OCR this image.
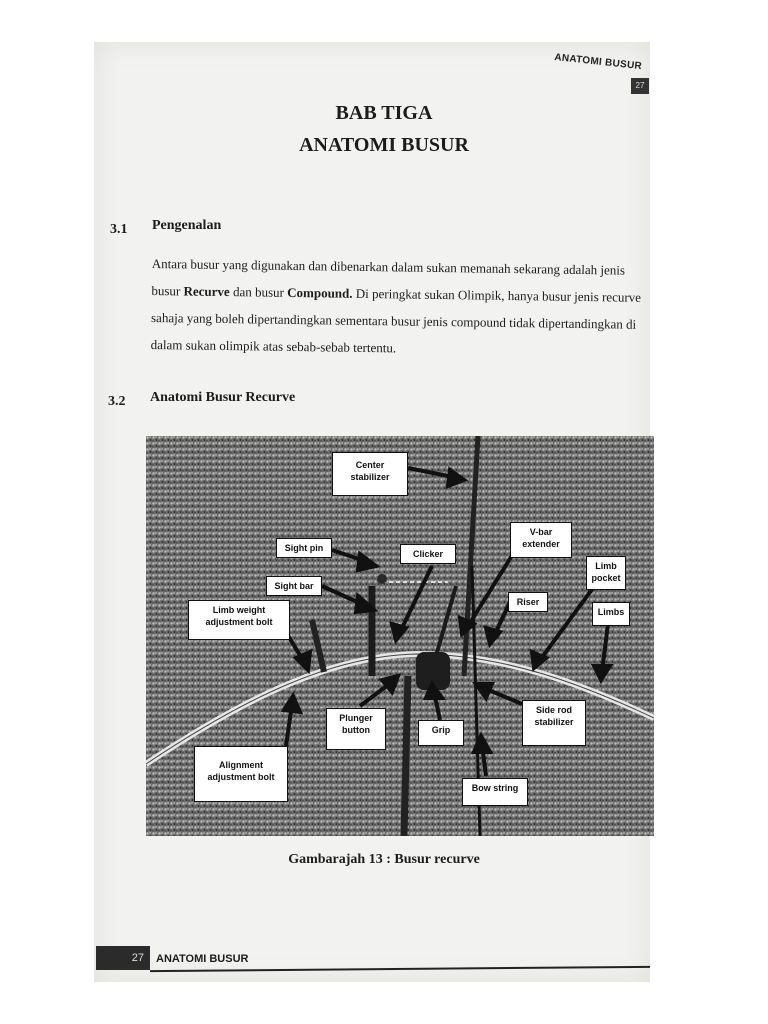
ANATOMI BUSUR
27
BAB TIGA
ANATOMI BUSUR
3.1 Pengenalan
Antara busur yang digunakan dan dibenarkan dalam sukan memanah sekarang adalah jenis busur Recurve dan busur Compound. Di peringkat sukan Olimpik, hanya busur jenis recurve sahaja yang boleh dipertandingkan sementara busur jenis compound tidak dipertandingkan di dalam sukan olimpik atas sebab-sebab tertentu.
3.2 Anatomi Busur Recurve
Center stabilizer
V-bar extender
Sight pin
Clicker
Limb pocket
Sight bar
Riser
Limb weight adjustment bolt
Limbs
Plunger button	Grip
Side rod stabilizer
Alignment adjustment bolt
Bow string
Gambarajah 13 : Busur recurve
27	ANATOMI BUSUR
